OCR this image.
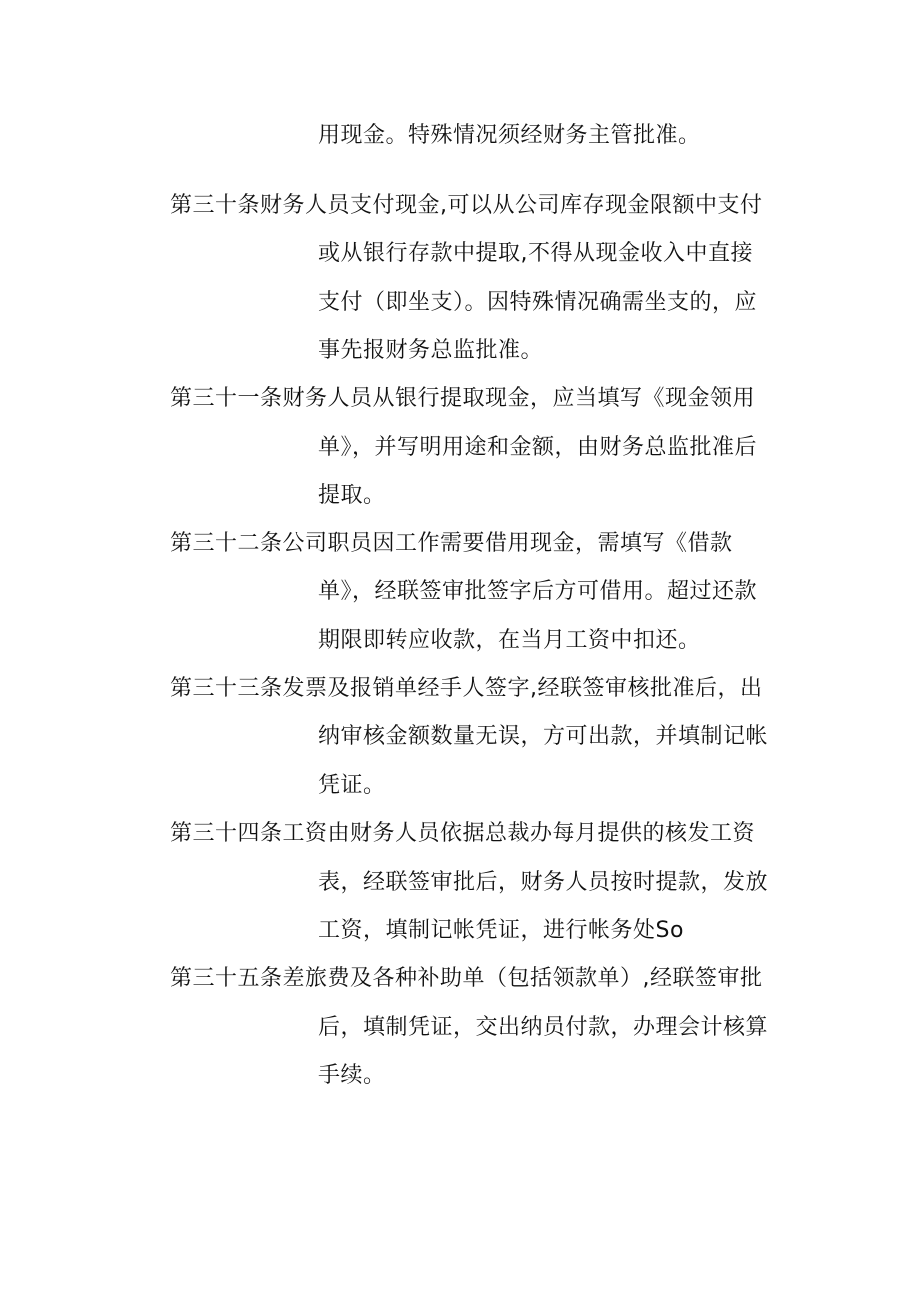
用现金。特殊情况须经财务主管批准。
第三十条财务人员支付现金,可以从公司库存现金限额中支付
或从银行存款中提取,不得从现金收入中直接
支付（即坐支）。因特殊情况确需坐支的，应
事先报财务总监批准。
第三十一条财务人员从银行提取现金，应当填写《现金领用
单》，并写明用途和金额，由财务总监批准后
提取。
第三十二条公司职员因工作需要借用现金，需填写《借款
单》，经联签审批签字后方可借用。超过还款
期限即转应收款，在当月工资中扣还。
第三十三条发票及报销单经手人签字,经联签审核批准后，出
纳审核金额数量无误，方可出款，并填制记帐
凭证。
第三十四条工资由财务人员依据总裁办每月提供的核发工资
表，经联签审批后，财务人员按时提款，发放
工资，填制记帐凭证，进行帐务处So
第三十五条差旅费及各种补助单（包括领款单）,经联签审批
后，填制凭证，交出纳员付款，办理会计核算
手续。
